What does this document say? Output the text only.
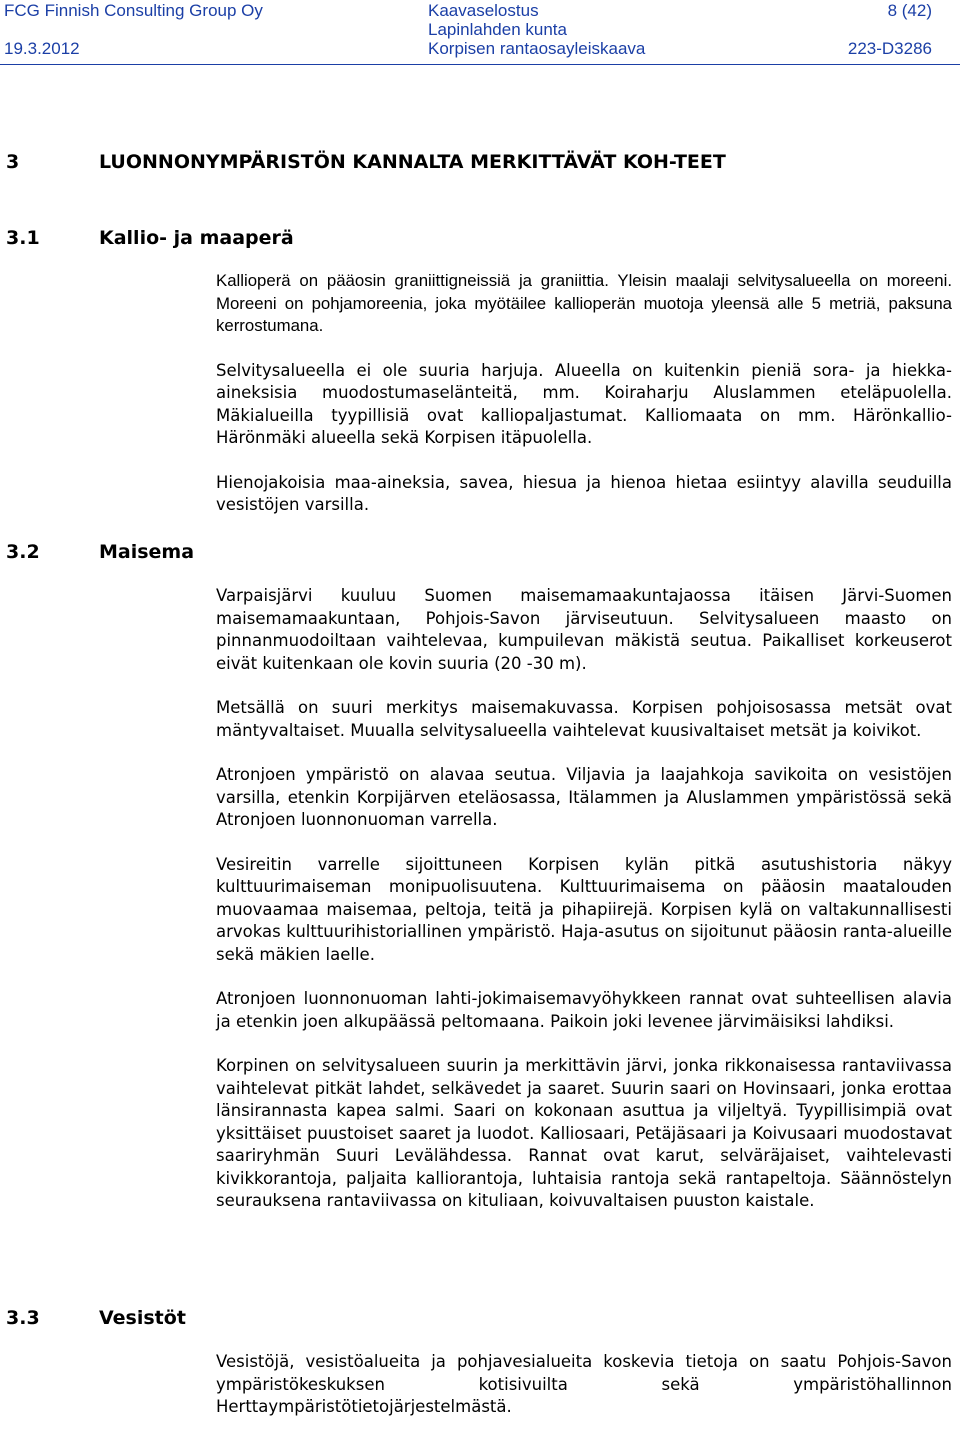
FCG Finnish Consulting Group Oy
19.3.2012
Kaavaselostus
Lapinlahden kunta
Korpisen rantaosayleiskaava
8 (42)
223-D3286
3	LUONNONYMPÄRISTÖN KANNALTA MERKITTÄVÄT KOH-TEET
3.1	Kallio- ja maaperä

Kallioperä on pääosin graniittigneissiä ja graniittia. Yleisin maalaji selvitysalueella on moreeni. Moreeni on pohjamoreenia, joka myötäilee kallioperän muotoja yleensä alle 5 metriä, paksuna kerrostumana.

Selvitysalueella ei ole suuria harjuja. Alueella on kuitenkin pieniä sora- ja hiekka-aineksisia muodostumaselänteitä, mm. Koiraharju Aluslammen eteläpuolella. Mäkialueilla tyypillisiä ovat kalliopaljastumat. Kalliomaata on mm. Härönkallio-Härönmäki alueella sekä Korpisen itäpuolella.

Hienojakoisia maa-aineksia, savea, hiesua ja hienoa hietaa esiintyy alavilla seuduilla vesistöjen varsilla.

3.2	Maisema

Varpaisjärvi kuuluu Suomen maisemamaakuntajaossa itäisen Järvi-Suomen maisemamaakuntaan, Pohjois-Savon järviseutuun. Selvitysalueen maasto on pinnanmuodoiltaan vaihtelevaa, kumpuilevan mäkistä seutua. Paikalliset korkeuserot eivät kuitenkaan ole kovin suuria (20 -30 m).

Metsällä on suuri merkitys maisemakuvassa. Korpisen pohjoisosassa metsät ovat mäntyvaltaiset. Muualla selvitysalueella vaihtelevat kuusivaltaiset metsät ja koivikot.

Atronjoen ympäristö on alavaa seutua. Viljavia ja laajahkoja savikoita on vesistöjen varsilla, etenkin Korpijärven eteläosassa, Itälammen ja Aluslammen ympäristössä sekä Atronjoen luonnonuoman varrella.

Vesireitin varrelle sijoittuneen Korpisen kylän pitkä asutushistoria näkyy kulttuurimaiseman monipuolisuutena. Kulttuurimaisema on pääosin maatalouden muovaamaa maisemaa, peltoja, teitä ja pihapiirejä. Korpisen kylä on valtakunnallisesti arvokas kulttuurihistoriallinen ympäristö. Haja-asutus on sijoitunut pääosin ranta-alueille sekä mäkien laelle.

Atronjoen luonnonuoman lahti-jokimaisemavyöhykkeen rannat ovat suhteellisen alavia ja etenkin joen alkupäässä peltomaana. Paikoin joki levenee järvimäisiksi lahdiksi.

Korpinen on selvitysalueen suurin ja merkittävin järvi, jonka rikkonaisessa rantaviivassa vaihtelevat pitkät lahdet, selkävedet ja saaret. Suurin saari on Hovinsaari, jonka erottaa länsirannasta kapea salmi. Saari on kokonaan asuttua ja viljeltyä. Tyypillisimpiä ovat yksittäiset puustoiset saaret ja luodot. Kalliosaari, Petäjäsaari ja Koivusaari muodostavat saariryhmän Suuri Levälähdessa. Rannat ovat karut, selväräjaiset, vaihtelevasti kivikkorantoja, paljaita kalliorantoja, luhtaisia rantoja sekä rantapeltoja. Säännöstelyn seurauksena rantaviivassa on kituliaan, koivuvaltaisen puuston kaistale.

3.3	Vesistöt

Vesistöjä, vesistöalueita ja pohjavesialueita koskevia tietoja on saatu Pohjois-Savon ympäristökeskuksen kotisivuilta sekä ympäristöhallinnon Herttaympäristötietojärjestelmästä.
